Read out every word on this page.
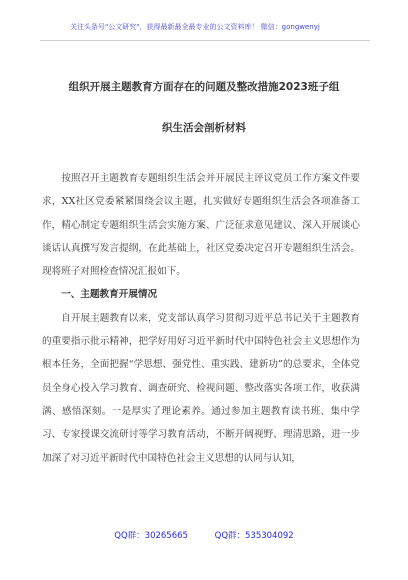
关注头条号"公文研究"，获得最新最全最专业的公文资料库！ 微信：gongwenyj
组织开展主题教育方面存在的问题及整改措施2023班子组
织生活会剖析材料

按照召开主题教育专题组织生活会并开展民主评议党员工作方案文件要求，XX社区党委紧紧围绕会议主题，扎实做好专题组织生活会各项准备工作，精心制定专题组织生活会实施方案、广泛征求意见建议、深入开展谈心谈话认真撰写发言提纲，在此基础上，社区党委决定召开专题组织生活会。现将班子对照检查情况汇报如下。

一、主题教育开展情况

自开展主题教育以来，党支部认真学习贯彻习近平总书记关于主题教育的重要指示批示精神，把学好用好习近平新时代中国特色社会主义思想作为根本任务，全面把握“学思想、强党性、重实践、建新功”的总要求，全体党员全身心投入学习教育、调查研究、检视问题、整改落实各项工作，收获满满、感悟深刻。一是厚实了理论素养。通过参加主题教育读书班、集中学习、专家授课交流研讨等学习教育活动，不断开阔视野、理清思路，进一步加深了对习近平新时代中国特色社会主义思想的认同与认知，

QQ群：30265665	QQ群：535304092
